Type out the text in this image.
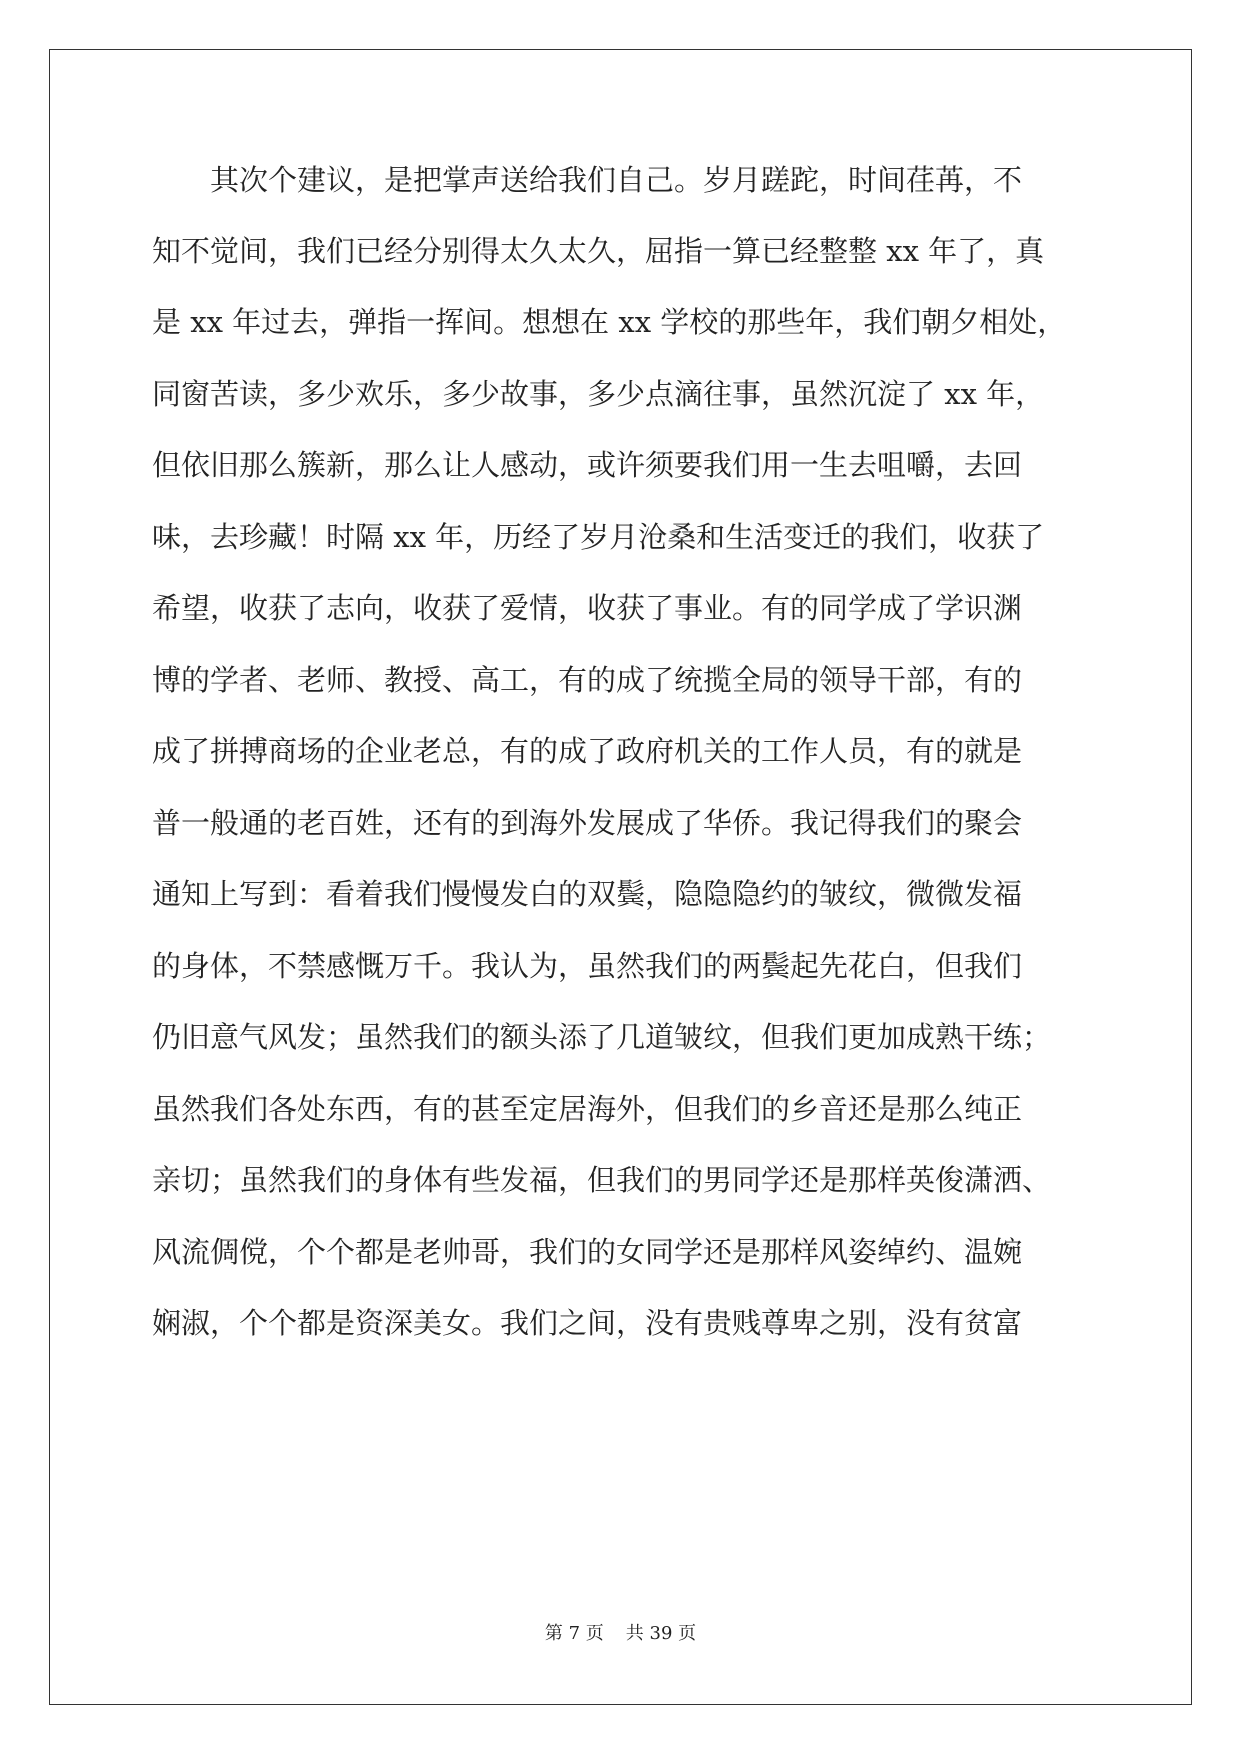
　　其次个建议，是把掌声送给我们自己。岁月蹉跎，时间荏苒，不
知不觉间，我们已经分别得太久太久，屈指一算已经整整 xx 年了，真
是 xx 年过去，弹指一挥间。想想在 xx 学校的那些年，我们朝夕相处，
同窗苦读，多少欢乐，多少故事，多少点滴往事，虽然沉淀了 xx 年，
但依旧那么簇新，那么让人感动，或许须要我们用一生去咀嚼，去回
味，去珍藏！时隔 xx 年，历经了岁月沧桑和生活变迁的我们，收获了
希望，收获了志向，收获了爱情，收获了事业。有的同学成了学识渊
博的学者、老师、教授、高工，有的成了统揽全局的领导干部，有的
成了拼搏商场的企业老总，有的成了政府机关的工作人员，有的就是
普一般通的老百姓，还有的到海外发展成了华侨。我记得我们的聚会
通知上写到：看着我们慢慢发白的双鬓，隐隐隐约的皱纹，微微发福
的身体，不禁感慨万千。我认为，虽然我们的两鬓起先花白，但我们
仍旧意气风发；虽然我们的额头添了几道皱纹，但我们更加成熟干练；
虽然我们各处东西，有的甚至定居海外，但我们的乡音还是那么纯正
亲切；虽然我们的身体有些发福，但我们的男同学还是那样英俊潇洒、
风流倜傥，个个都是老帅哥，我们的女同学还是那样风姿绰约、温婉
娴淑，个个都是资深美女。我们之间，没有贵贱尊卑之别，没有贫富
第 7 页 共 39 页
